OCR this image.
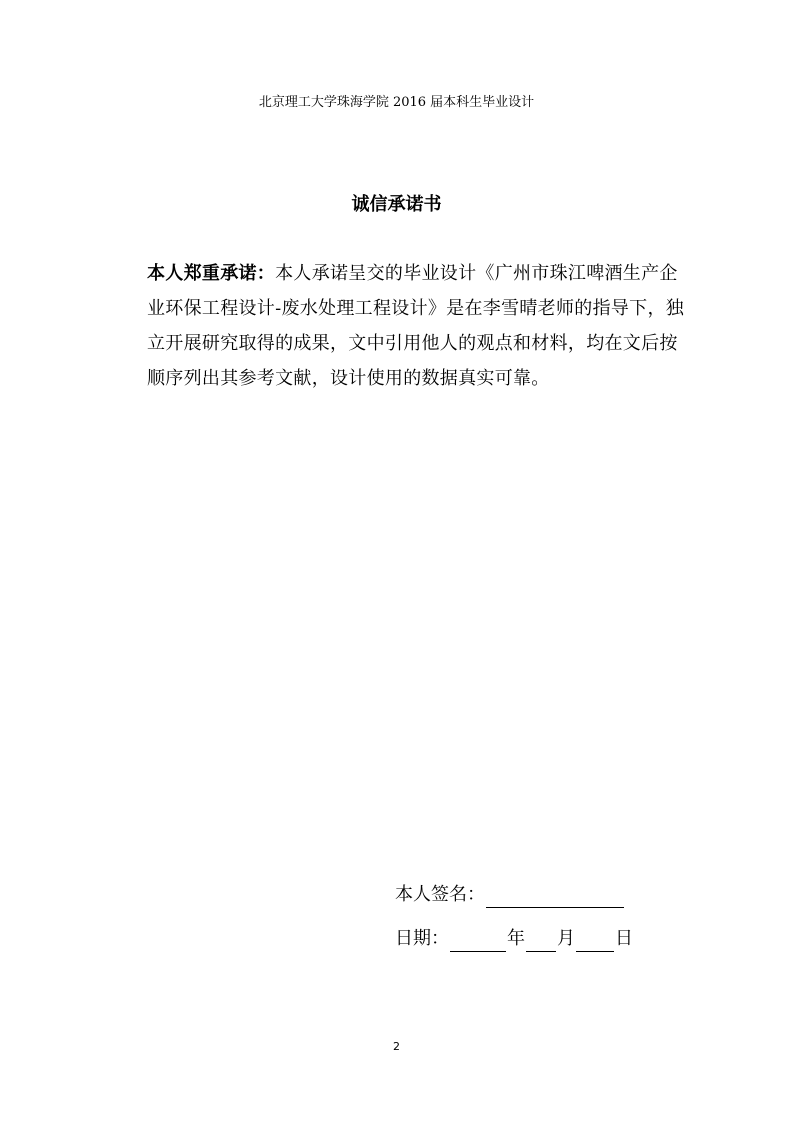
北京理工大学珠海学院 2016 届本科生毕业设计
诚信承诺书

本人郑重承诺：本人承诺呈交的毕业设计《广州市珠江啤酒生产企业环保工程设计-废水处理工程设计》是在李雪晴老师的指导下，独立开展研究取得的成果，文中引用他人的观点和材料，均在文后按顺序列出其参考文献，设计使用的数据真实可靠。

本人签名：
日期：	年 月 日
2
